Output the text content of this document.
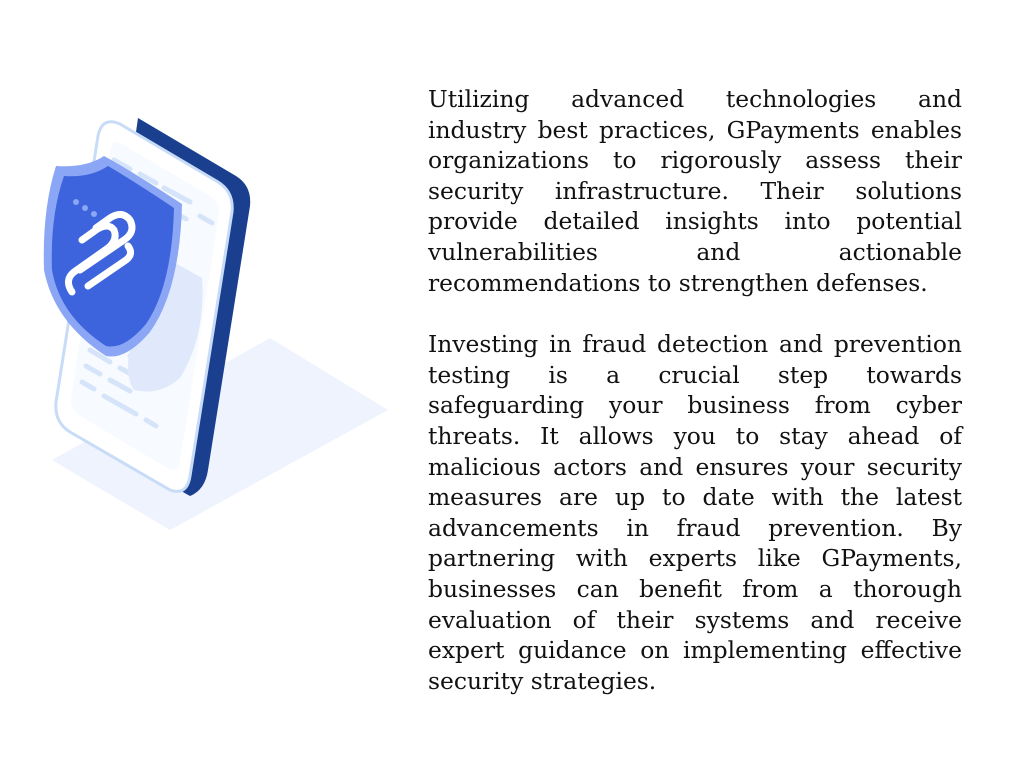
Utilizing advanced technologies and industry best practices, GPayments enables organizations to rigorously assess their security infrastructure. Their solutions provide detailed insights into potential vulnerabilities and actionable recommendations to strengthen defenses.

Investing in fraud detection and prevention testing is a crucial step towards safeguarding your business from cyber threats. It allows you to stay ahead of malicious actors and ensures your security measures are up to date with the latest advancements in fraud prevention. By partnering with experts like GPayments, businesses can benefit from a thorough evaluation of their systems and receive expert guidance on implementing effective security strategies.
